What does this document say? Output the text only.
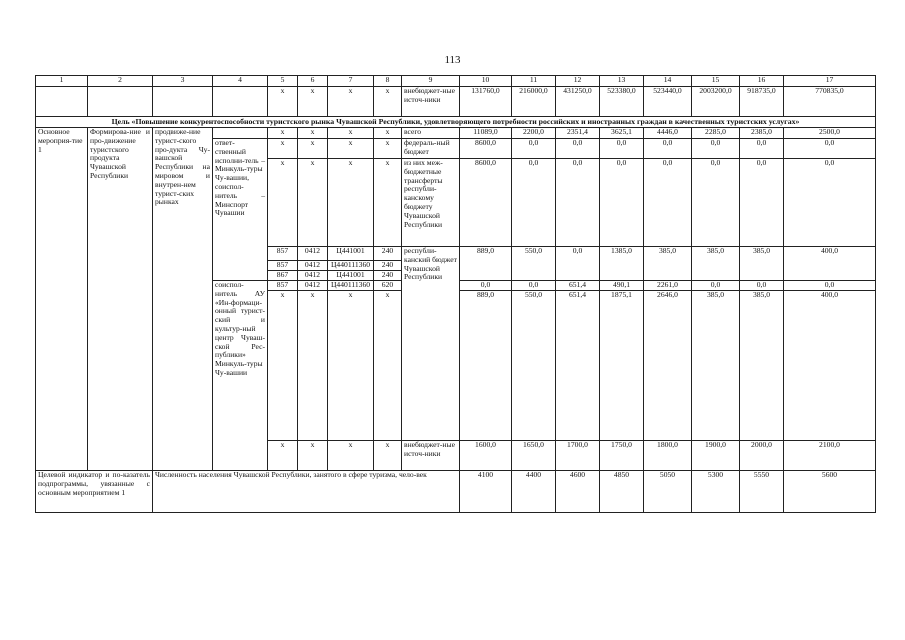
113
1	2	3	4	5	6	7	8	9	10	11	12	13	14	15	16	17
				х	х	х	х	внебюджет-ные источ-ники	131760,0	216000,0	431250,0	523380,0	523440,0	2003200,0	918735,0	770835,0
Цель «Повышение конкурентоспособности туристского рынка Чувашской Республики, удовлетворяющего потребности российских и иностранных граждан в качественных туристских услугах»																
Основное мероприя-тие 1	Формирова-ние и про-движение туристского продукта Чувашской Республики	продвиже-ние турист-ского про-дукта Чу-вашской Республики на мировом и внутрен-нем турист-ских рынках		х	х	х	х	всего	11089,0	2200,0	2351,4	3625,1	4446,0	2285,0	2385,0	2500,0
			ответ-ственный исполни-тель – Минкуль-туры Чу-вашии, соиспол-нитель – Минспорт Чувашии	х	х	х	х	федераль-ный бюджет	8600,0	0,0	0,0	0,0	0,0	0,0	0,0	0,0
				х	х	х	х	из них меж-бюджетные трансферты республи-канскому бюджету Чувашской Республики	8600,0	0,0	0,0	0,0	0,0	0,0	0,0	0,0
				857	0412	Ц441001	240	республи-канский бюджет Чувашской Республики	889,0	550,0	0,0	1385,0	385,0	385,0	385,0	400,0
				857	0412	Ц440111360	240									
				867	0412	Ц441001	240									
			соиспол-нитель АУ «Ин-формаци-онный турист-ский и культур-ный центр Чуваш-ской Рес-публики» Минкуль-туры Чу-вашии	857	0412	Ц440111360	620		0,0	0,0	651,4	490,1	2261,0	0,0	0,0	0,0
				х	х	х	х		889,0	550,0	651,4	1875,1	2646,0	385,0	385,0	400,0
				х	х	х	х	внебюджет-ные источ-ники	1600,0	1650,0	1700,0	1750,0	1800,0	1900,0	2000,0	2100,0
Целевой индикатор и по-казатель подпрограммы, увязанные с основным мероприятием 1		Численность населения Чувашской Республики, занятого в сфере туризма, чело-век							4100	4400	4600	4850	5050	5300	5550	5600
